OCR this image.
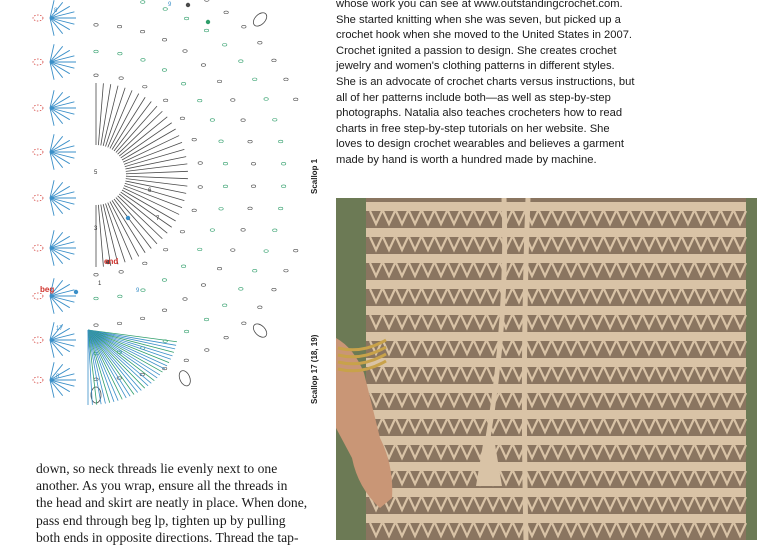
end
beg
8
9
7
5
6
3
1
17
9
8
Scallop 1
Scallop 17 (18, 19)

whose work you can see at www.outstandingcrochet.com.
She started knitting when she was seven, but picked up a
crochet hook when she moved to the United States in 2007.
Crochet ignited a passion to design. She creates crochet
jewelry and women's clothing patterns in different styles.
She is an advocate of crochet charts versus instructions, but
all of her patterns include both—as well as step-by-step
photographs. Natalia also teaches crocheters how to read
charts in free step-by-step tutorials on her website. She
loves to design crochet wearables and believes a garment
made by hand is worth a hundred made by machine.

down, so neck threads lie evenly next to one
another. As you wrap, ensure all the threads in
the head and skirt are neatly in place. When done,
pass end through beg lp, tighten up by pulling
both ends in opposite directions. Thread the tap-
